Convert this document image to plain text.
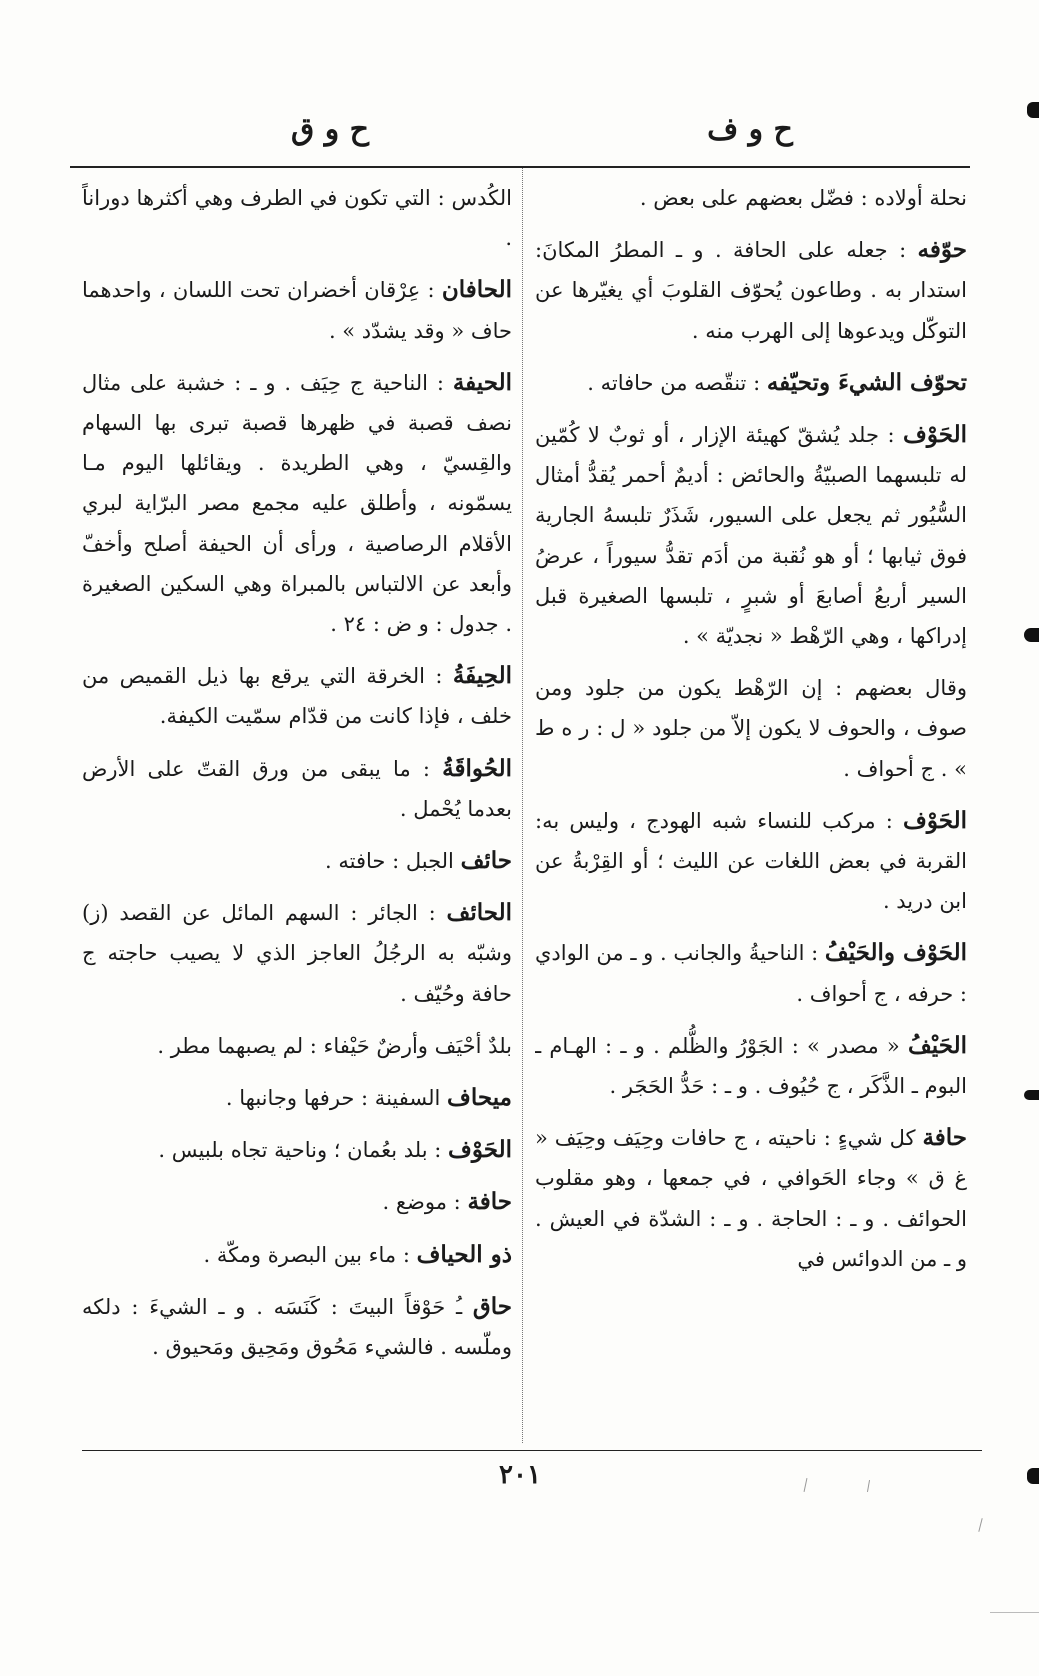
ح و ف
ح و ق
نحلة أولاده : فضّل بعضهم على بعض .
حوّفه : جعله على الحافة . و ـ المطرُ المكانَ: استدار به . وطاعون يُحوّف القلوبَ أي يغيّرها عن التوكّل ويدعوها إلى الهرب منه .
تحوّف الشيءَ وتحيّفه : تنقّصه من حافاته .
الحَوْف : جلد يُشقّ كهيئة الإزار ، أو ثوبٌ لا كُمّين له تلبسهما الصبيّةُ والحائض : أديمٌ أحمر يُقدُّ أمثال السُّيُور ثم يجعل على السيور، شَذَرٌ تلبسهُ الجارية فوق ثيابها ؛ أو هو نُقبة من أدَم تقدُّ سيوراً ، عرضُ السير أربعُ أصابعَ أو شبرٍ ، تلبسها الصغيرة قبل إدراكها ، وهي الرّهْط « نجديّة » .
وقال بعضهم : إن الرّهْط يكون من جلود ومن صوف ، والحوف لا يكون إلاّ من جلود « ل : ر ه ط » . ج أحواف .
الحَوْف : مركب للنساء شبه الهودج ، وليس به: القربة في بعض اللغات عن الليث ؛ أو القِرْبةُ عن ابن دريد .
الحَوْف والحَيْفُ : الناحيةُ والجانب . و ـ من الوادي : حرفه ، ج أحواف .
الحَيْفُ « مصدر » : الجَوْرُ والظُّلم . و ـ : الهـام ـ البوم ـ الذَّكَر ، ج حُيُوف . و ـ : حَدُّ الحَجَر .
حافة كل شيءٍ : ناحيته ، ج حافات وحِيَف وحِيَف « غ ق » وجاء الحَوافي ، في جمعها ، وهو مقلوب الحوائف . و ـ : الحاجة . و ـ : الشدّة في العيش . و ـ من الدوائس في
الكُدس : التي تكون في الطرف وهي أكثرها دوراناً .
الحافان : عِرْقان أخضران تحت اللسان ، واحدهما حاف « وقد يشدّد » .
الحيفة : الناحية ج حِيَف . و ـ : خشبة على مثال نصف قصبة في ظهرها قصبة تبرى بها السهام والقِسيّ ، وهي الطريدة . ويقائلها اليوم مـا يسمّونه ، وأطلق عليه مجمع مصر البرّاية لبري الأقلام الرصاصية ، ورأى أن الحيفة أصلح وأخفّ وأبعد عن الالتباس بالمبراة وهي السكين الصغيرة . جدول : و ض : ٢٤ .
الحِيفَةُ : الخرقة التي يرقع بها ذيل القميص من خلف ، فإذا كانت من قدّام سمّيت الكيفة.
الحُواقَةُ : ما يبقى من ورق القتّ على الأرض بعدما يُحْمل .
حائف الجبل : حافته .
الحائف : الجائر : السهم المائل عن القصد (ز) وشبّه به الرجُلُ العاجز الذي لا يصيب حاجته ج حافة وحُيّف .
بلدٌ أحْيَف وأرضٌ حَيْفاء : لم يصبهما مطر .
ميحاف السفينة : حرفها وجانبها .
الحَوْف : بلد بعُمان ؛ وناحية تجاه بلبيس .
حافة : موضع .
ذو الحياف : ماء بين البصرة ومكّة .
حاق ـُ حَوْقاً البيتَ : كَنَسَه . و ـ الشيءَ : دلكه وملّسه . فالشيء مَحُوق ومَحِيق ومَحيوق .
٢٠١
